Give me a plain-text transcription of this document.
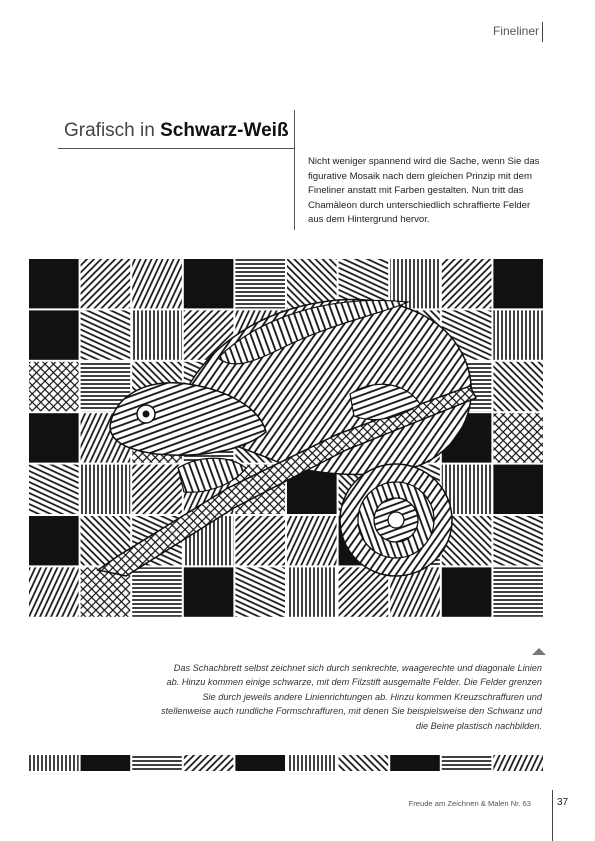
Fineliner
Grafisch in Schwarz-Weiß
Nicht weniger spannend wird die Sache, wenn Sie das figurative Mosaik nach dem gleichen Prinzip mit dem Fineliner anstatt mit Farben gestalten. Nun tritt das Chamäleon durch unterschiedlich schraffierte Felder aus dem Hintergrund hervor.
Das Schachbrett selbst zeichnet sich durch senkrechte, waagerechte und diagonale Linien ab. Hinzu kommen einige schwarze, mit dem Filzstift ausgemalte Felder. Die Felder grenzen Sie durch jeweils andere Linienrichtungen ab. Hinzu kommen Kreuzschraffuren und stellenweise auch rundliche Formschraffuren, mit denen Sie beispielsweise den Schwanz und die Beine plastisch nachbilden.
Freude am Zeichnen & Malen Nr. 63	37
